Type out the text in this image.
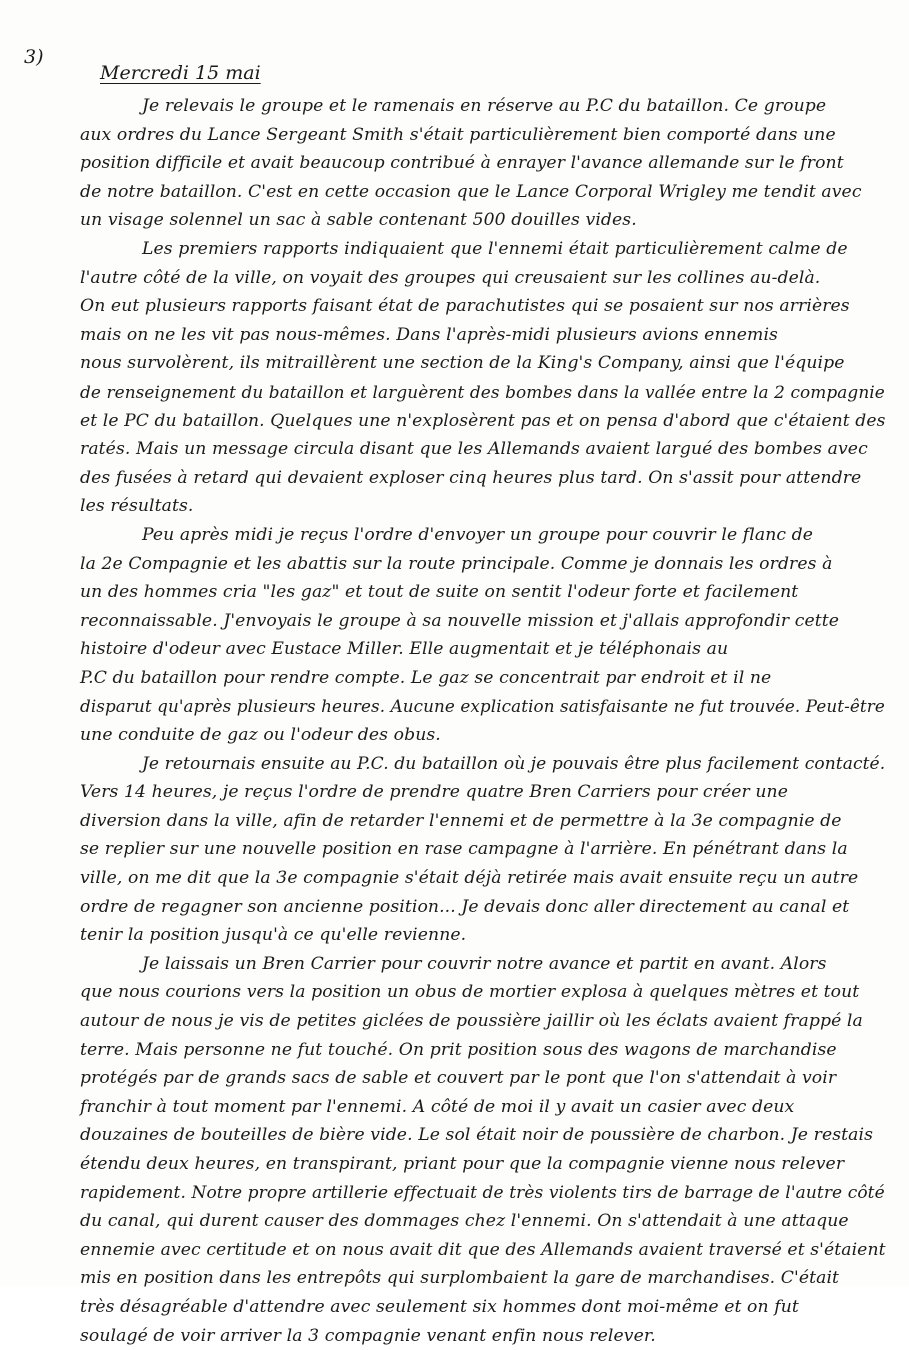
3)
Mercredi 15 mai
Je relevais le groupe et le ramenais en réserve au P.C du bataillon. Ce groupe
aux ordres du Lance Sergeant Smith s'était particulièrement bien comporté dans une
position difficile et avait beaucoup contribué à enrayer l'avance allemande sur le front
de notre bataillon. C'est en cette occasion que le Lance Corporal Wrigley me tendit avec
un visage solennel un sac à sable contenant 500 douilles vides.
Les premiers rapports indiquaient que l'ennemi était particulièrement calme de
l'autre côté de la ville, on voyait des groupes qui creusaient sur les collines au-delà.
On eut plusieurs rapports faisant état de parachutistes qui se posaient sur nos arrières
mais on ne les vit pas nous-mêmes. Dans l'après-midi plusieurs avions ennemis
nous survolèrent, ils mitraillèrent une section de la King's Company, ainsi que l'équipe
de renseignement du bataillon et larguèrent des bombes dans la vallée entre la 2 compagnie
et le PC du bataillon. Quelques une n'explosèrent pas et on pensa d'abord que c'étaient des
ratés. Mais un message circula disant que les Allemands avaient largué des bombes avec
des fusées à retard qui devaient exploser cinq heures plus tard. On s'assit pour attendre
les résultats.
Peu après midi je reçus l'ordre d'envoyer un groupe pour couvrir le flanc de
la 2e Compagnie et les abattis sur la route principale. Comme je donnais les ordres à
un des hommes cria "les gaz" et tout de suite on sentit l'odeur forte et facilement
reconnaissable. J'envoyais le groupe à sa nouvelle mission et j'allais approfondir cette
histoire d'odeur avec Eustace Miller. Elle augmentait et je téléphonais au
P.C du bataillon pour rendre compte. Le gaz se concentrait par endroit et il ne
disparut qu'après plusieurs heures. Aucune explication satisfaisante ne fut trouvée. Peut-être
une conduite de gaz ou l'odeur des obus.
Je retournais ensuite au P.C. du bataillon où je pouvais être plus facilement contacté.
Vers 14 heures, je reçus l'ordre de prendre quatre Bren Carriers pour créer une
diversion dans la ville, afin de retarder l'ennemi et de permettre à la 3e compagnie de
se replier sur une nouvelle position en rase campagne à l'arrière. En pénétrant dans la
ville, on me dit que la 3e compagnie s'était déjà retirée mais avait ensuite reçu un autre
ordre de regagner son ancienne position... Je devais donc aller directement au canal et
tenir la position jusqu'à ce qu'elle revienne.
Je laissais un Bren Carrier pour couvrir notre avance et partit en avant. Alors
que nous courions vers la position un obus de mortier explosa à quelques mètres et tout
autour de nous je vis de petites giclées de poussière jaillir où les éclats avaient frappé la
terre. Mais personne ne fut touché. On prit position sous des wagons de marchandise
protégés par de grands sacs de sable et couvert par le pont que l'on s'attendait à voir
franchir à tout moment par l'ennemi. A côté de moi il y avait un casier avec deux
douzaines de bouteilles de bière vide. Le sol était noir de poussière de charbon. Je restais
étendu deux heures, en transpirant, priant pour que la compagnie vienne nous relever
rapidement. Notre propre artillerie effectuait de très violents tirs de barrage de l'autre côté
du canal, qui durent causer des dommages chez l'ennemi. On s'attendait à une attaque
ennemie avec certitude et on nous avait dit que des Allemands avaient traversé et s'étaient
mis en position dans les entrepôts qui surplombaient la gare de marchandises. C'était
très désagréable d'attendre avec seulement six hommes dont moi-même et on fut
soulagé de voir arriver la 3 compagnie venant enfin nous relever.
